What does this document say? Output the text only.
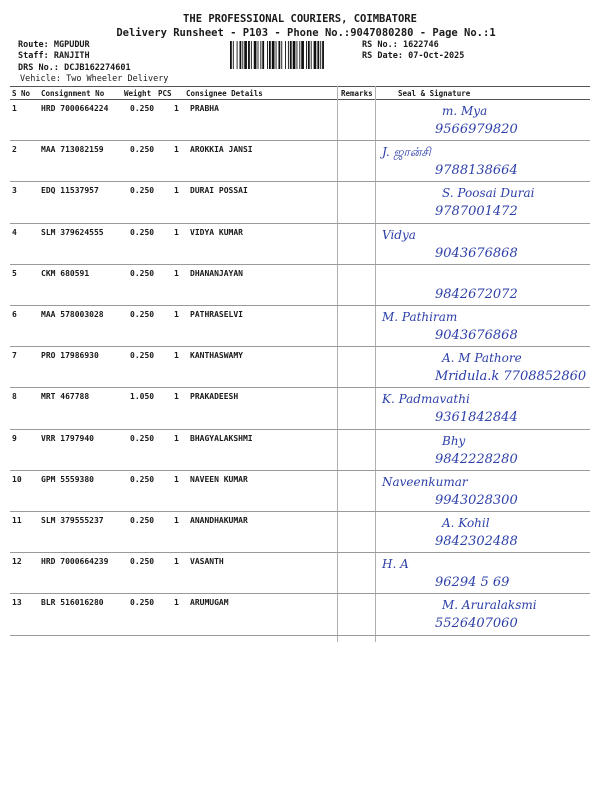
THE PROFESSIONAL COURIERS, COIMBATORE
Delivery Runsheet - P103 - Phone No.:9047080280 - Page No.:1
Route: MGPUDUR
Staff: RANJITH
DRS No.: DCJB162274601
Vehicle: Two Wheeler Delivery
RS No.: 1622746
RS Date: 07-Oct-2025
S No Consignment No	Weight PCS Consignee Details	Remarks	Seal & Signature
1	HRD 7000664224	0.250 1 PRABHA	m. Mya
9566979820
2	MAA 713082159	0.250 1 AROKKIA JANSI	J. ஜான்சி
9788138664
3	EDQ 11537957	0.250 1 DURAI POSSAI	S. Poosai Durai
9787001472
4	SLM 379624555	0.250 1 VIDYA KUMAR	Vidya
9043676868
5	CKM 680591	0.250 1 DHANANJAYAN
9842672072
6	MAA 578003028	0.250 1 PATHRASELVI	M. Pathiram
9043676868
7	PRO 17986930	0.250 1 KANTHASWAMY	A. M Pathore
Mridula.k 7708852860
8	MRT 467788	1.050 1 PRAKADEESH	K. Padmavathi
9361842844
9	VRR 1797940	0.250 1 BHAGYALAKSHMI	Bhy
9842228280
10 GPM 5559380	0.250 1 NAVEEN KUMAR	Naveenkumar
9943028300
11 SLM 379555237	0.250 1 ANANDHAKUMAR	A. Kohil
9842302488
12 HRD 7000664239	0.250 1 VASANTH	H. A
96294 5 69
13 BLR 516016280	0.250 1 ARUMUGAM	M. Aruralaksmi
5526407060
